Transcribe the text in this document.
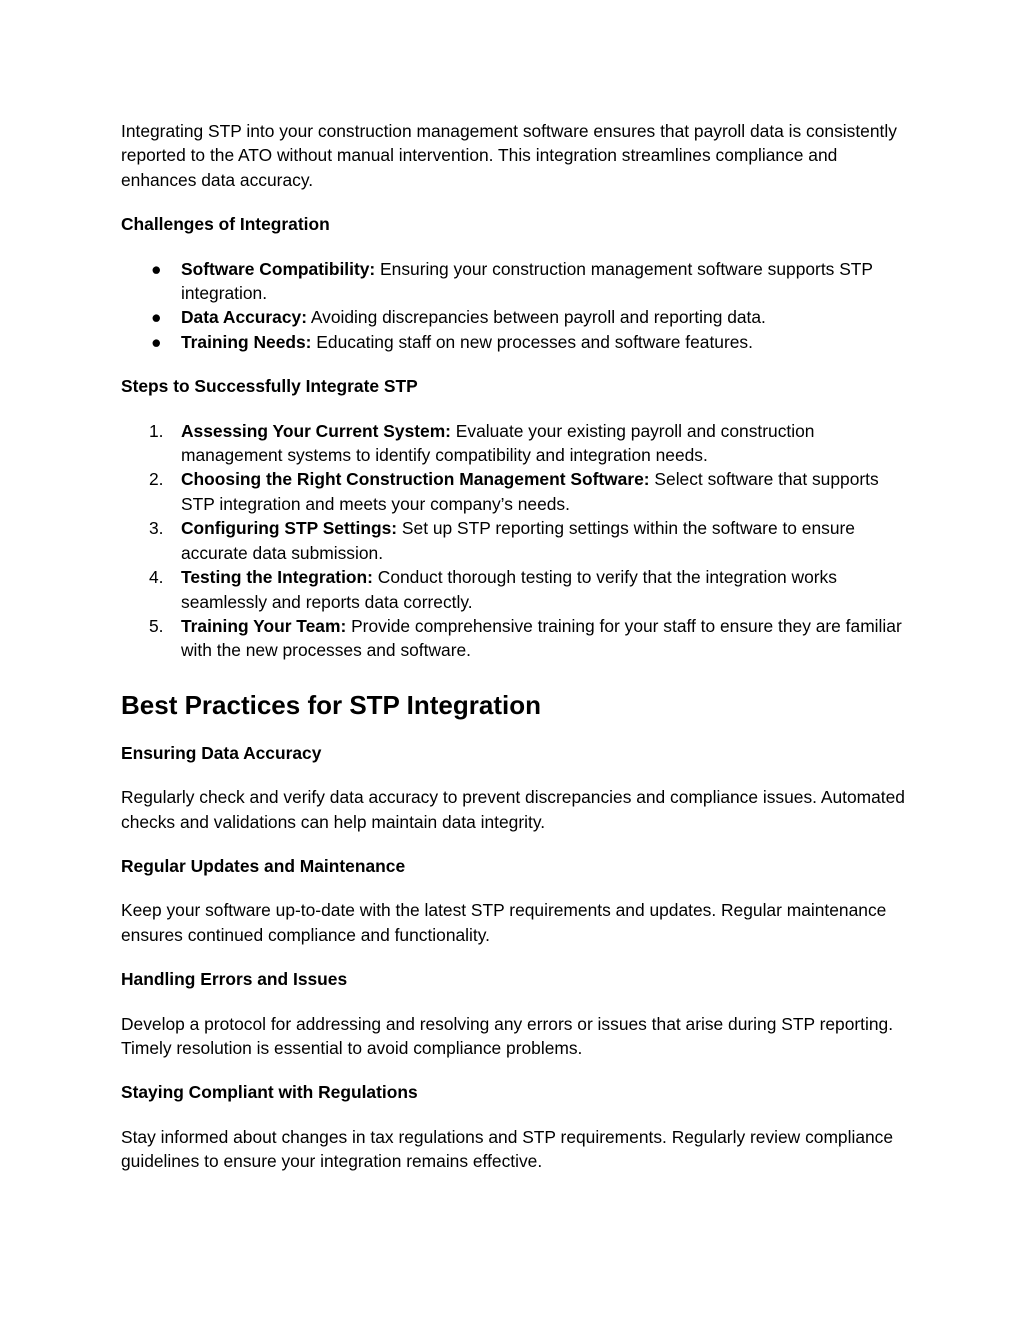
Integrating STP into your construction management software ensures that payroll data is consistently reported to the ATO without manual intervention. This integration streamlines compliance and enhances data accuracy.

Challenges of Integration
●	Software Compatibility: Ensuring your construction management software supports STP integration.
●	Data Accuracy: Avoiding discrepancies between payroll and reporting data.
●	Training Needs: Educating staff on new processes and software features.
Steps to Successfully Integrate STP
1.	Assessing Your Current System: Evaluate your existing payroll and construction management systems to identify compatibility and integration needs.
2.	Choosing the Right Construction Management Software: Select software that supports STP integration and meets your company’s needs.
3.	Configuring STP Settings: Set up STP reporting settings within the software to ensure accurate data submission.
4.	Testing the Integration: Conduct thorough testing to verify that the integration works seamlessly and reports data correctly.
5.	Training Your Team: Provide comprehensive training for your staff to ensure they are familiar with the new processes and software.
Best Practices for STP Integration
Ensuring Data Accuracy

Regularly check and verify data accuracy to prevent discrepancies and compliance issues. Automated checks and validations can help maintain data integrity.

Regular Updates and Maintenance

Keep your software up-to-date with the latest STP requirements and updates. Regular maintenance ensures continued compliance and functionality.

Handling Errors and Issues

Develop a protocol for addressing and resolving any errors or issues that arise during STP reporting. Timely resolution is essential to avoid compliance problems.

Staying Compliant with Regulations

Stay informed about changes in tax regulations and STP requirements. Regularly review compliance guidelines to ensure your integration remains effective.
